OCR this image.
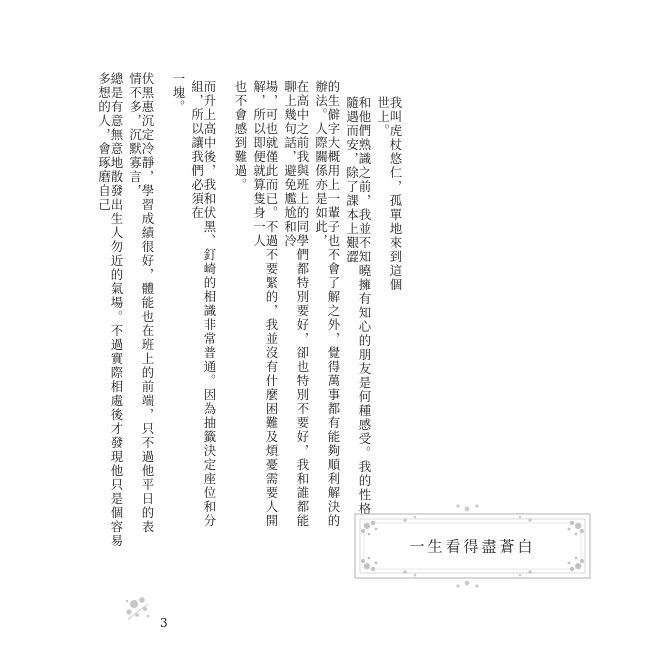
我叫虎杖悠仁，孤單地來到這個世上。
和他們熟識之前，我並不知曉擁有知心的朋友是何種感受。我的性格隨遇而安，除了課本上艱澀
的生僻字大概用上一輩子也不會了解之外，覺得萬事都有能夠順利解決的辦法。人際關係亦是如此，
在高中之前我與班上的同學們都特別要好，卻也特別不要好，我和誰都能聊上幾句話，避免尷尬和冷
場，可也就僅此而已。不過不要緊的，我並沒有什麼困難及煩憂需要人開解，所以即便就算隻身一人
也不會感到難過。
而升上高中後，我和伏黑、釘崎的相識非常普通。因為抽籤決定座位和分組，所以讓我們必須在
一塊。
伏黑惠沉定冷靜，學習成績很好，體能也在班上的前端，只不過他平日的表情不多，沉默寡言，
總是有意無意地散發出生人勿近的氣場。不過實際相處後才發現他只是個容易多想的人，會琢磨自己
一生看得盡蒼白
3
